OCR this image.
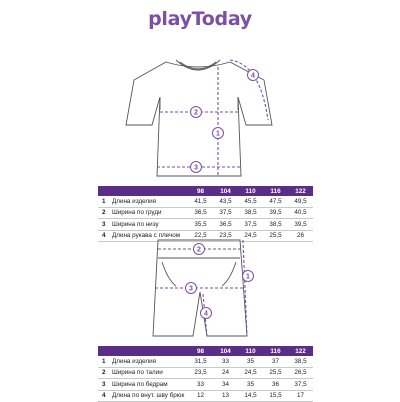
playToday
1
2
3
4
		98	104	110	116	122
1	Длина изделия	41,5	43,5	45,5	47,5	49,5
2	Ширина по груди	36,5	37,5	38,5	39,5	40,5
3	Ширина по низу	35,5	36,5	37,5	38,5	39,5
4	Длина рукава с плечом	22,5	23,5	24,5	25,5	26
1
2
3
4
		98	104	110	116	122
1	Длина изделия	31,5	33	35	37	38,5
2	Ширина по талии	23,5	24	24,5	25,5	26,5
3	Ширина по бедрам	33	34	35	36	37,5
4	Длина по внут. шву брюк	12	13	14,5	15,5	17
